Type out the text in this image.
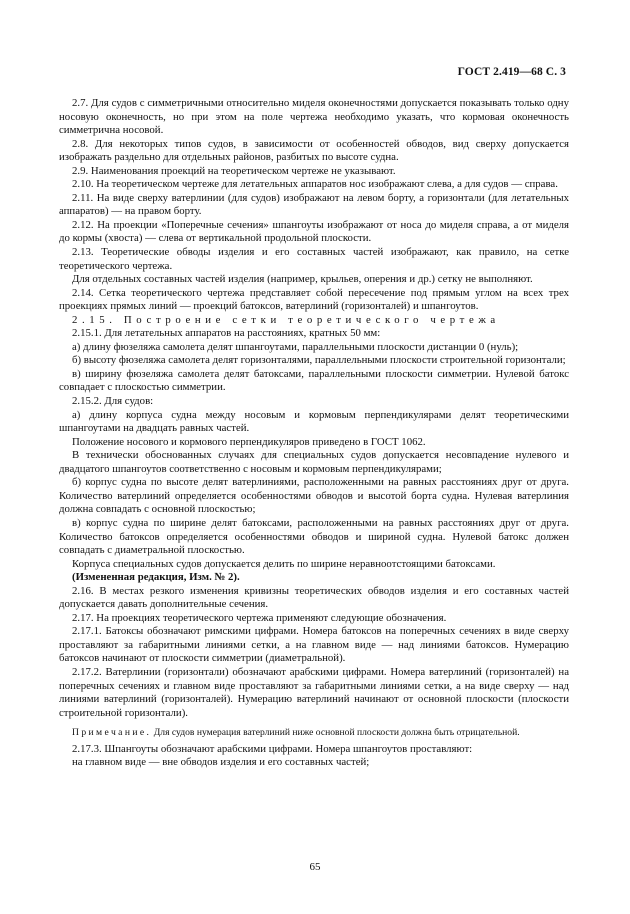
ГОСТ 2.419—68 С. 3

2.7. Для судов с симметричными относительно миделя оконечностями допускается показывать только одну носовую оконечность, но при этом на поле чертежа необходимо указать, что кормовая оконечность симметрична носовой.

2.8. Для некоторых типов судов, в зависимости от особенностей обводов, вид сверху допускается изображать раздельно для отдельных районов, разбитых по высоте судна.

2.9. Наименования проекций на теоретическом чертеже не указывают.

2.10. На теоретическом чертеже для летательных аппаратов нос изображают слева, а для судов — справа.

2.11. На виде сверху ватерлинии (для судов) изображают на левом борту, а горизонтали (для летательных аппаратов) — на правом борту.

2.12. На проекции «Поперечные сечения» шпангоуты изображают от носа до миделя справа, а от миделя до кормы (хвоста) — слева от вертикальной продольной плоскости.

2.13. Теоретические обводы изделия и его составных частей изображают, как правило, на сетке теоретического чертежа.

Для отдельных составных частей изделия (например, крыльев, оперения и др.) сетку не выполняют.

2.14. Сетка теоретического чертежа представляет собой пересечение под прямым углом на всех трех проекциях прямых линий — проекций батоксов, ватерлиний (горизонталей) и шпангоутов.

2.15. Построение сетки теоретического чертежа

2.15.1. Для летательных аппаратов на расстояниях, кратных 50 мм:

а) длину фюзеляжа самолета делят шпангоутами, параллельными плоскости дистанции 0 (нуль);

б) высоту фюзеляжа самолета делят горизонталями, параллельными плоскости строительной горизонтали;

в) ширину фюзеляжа самолета делят батоксами, параллельными плоскости симметрии. Нулевой батокс совпадает с плоскостью симметрии.

2.15.2. Для судов:

а) длину корпуса судна между носовым и кормовым перпендикулярами делят теоретическими шпангоутами на двадцать равных частей.

Положение носового и кормового перпендикуляров приведено в ГОСТ 1062.

В технически обоснованных случаях для специальных судов допускается несовпадение нулевого и двадцатого шпангоутов соответственно с носовым и кормовым перпендикулярами;

б) корпус судна по высоте делят ватерлиниями, расположенными на равных расстояниях друг от друга. Количество ватерлиний определяется особенностями обводов и высотой борта судна. Нулевая ватерлиния должна совпадать с основной плоскостью;

в) корпус судна по ширине делят батоксами, расположенными на равных расстояниях друг от друга. Количество батоксов определяется особенностями обводов и шириной судна. Нулевой батокс должен совпадать с диаметральной плоскостью.

Корпуса специальных судов допускается делить по ширине неравноотстоящими батоксами.

(Измененная редакция, Изм. № 2).

2.16. В местах резкого изменения кривизны теоретических обводов изделия и его составных частей допускается давать дополнительные сечения.

2.17. На проекциях теоретического чертежа применяют следующие обозначения.

2.17.1. Батоксы обозначают римскими цифрами. Номера батоксов на поперечных сечениях в виде сверху проставляют за габаритными линиями сетки, а на главном виде — над линиями батоксов. Нумерацию батоксов начинают от плоскости симметрии (диаметральной).

2.17.2. Ватерлинии (горизонтали) обозначают арабскими цифрами. Номера ватерлиний (горизонталей) на поперечных сечениях и главном виде проставляют за габаритными линиями сетки, а на виде сверху — над линиями ватерлиний (горизонталей). Нумерацию ватерлиний начинают от основной плоскости (плоскости строительной горизонтали).

Примечание. Для судов нумерация ватерлиний ниже основной плоскости должна быть отрицательной.

2.17.3. Шпангоуты обозначают арабскими цифрами. Номера шпангоутов проставляют:

на главном виде — вне обводов изделия и его составных частей;

65
